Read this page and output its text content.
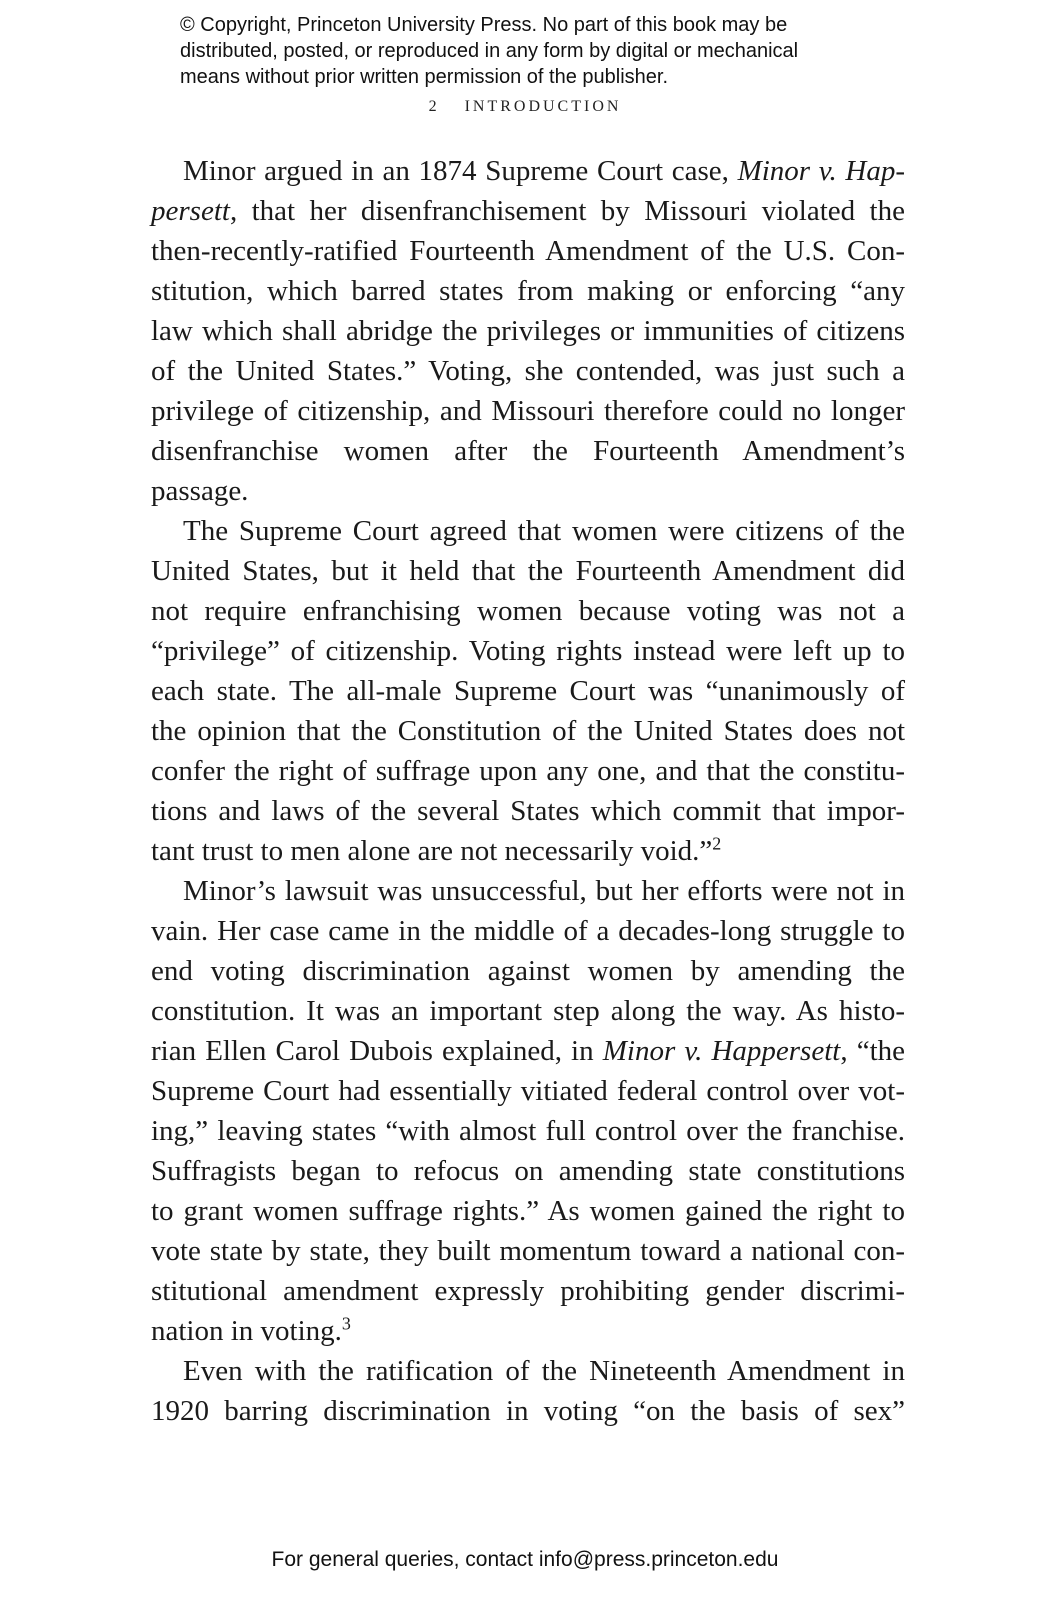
© Copyright, Princeton University Press. No part of this book may be
distributed, posted, or reproduced in any form by digital or mechanical
means without prior written permission of the publisher.
2 INTRODUCTION
Minor argued in an 1874 Supreme Court case, Minor v. Hap-
persett, that her disenfranchisement by Missouri violated the
then-recently-ratified Fourteenth Amendment of the U.S. Con-
stitution, which barred states from making or enforcing “any
law which shall abridge the privileges or immunities of citizens
of the United States.” Voting, she contended, was just such a
privilege of citizenship, and Missouri therefore could no longer
disenfranchise women after the Fourteenth Amendment’s
passage.
The Supreme Court agreed that women were citizens of the
United States, but it held that the Fourteenth Amendment did
not require enfranchising women because voting was not a
“privilege” of citizenship. Voting rights instead were left up to
each state. The all-male Supreme Court was “unanimously of
the opinion that the Constitution of the United States does not
confer the right of suffrage upon any one, and that the constitu-
tions and laws of the several States which commit that impor-
tant trust to men alone are not necessarily void.”$^2$
Minor’s lawsuit was unsuccessful, but her efforts were not in
vain. Her case came in the middle of a decades-long struggle to
end voting discrimination against women by amending the
constitution. It was an important step along the way. As histo-
rian Ellen Carol Dubois explained, in Minor v. Happersett, “the
Supreme Court had essentially vitiated federal control over vot-
ing,” leaving states “with almost full control over the franchise.
Suffragists began to refocus on amending state constitutions
to grant women suffrage rights.” As women gained the right to
vote state by state, they built momentum toward a national con-
stitutional amendment expressly prohibiting gender discrimi-
nation in voting.$^3$
Even with the ratification of the Nineteenth Amendment in
1920 barring discrimination in voting “on the basis of sex”
For general queries, contact info@press.princeton.edu
